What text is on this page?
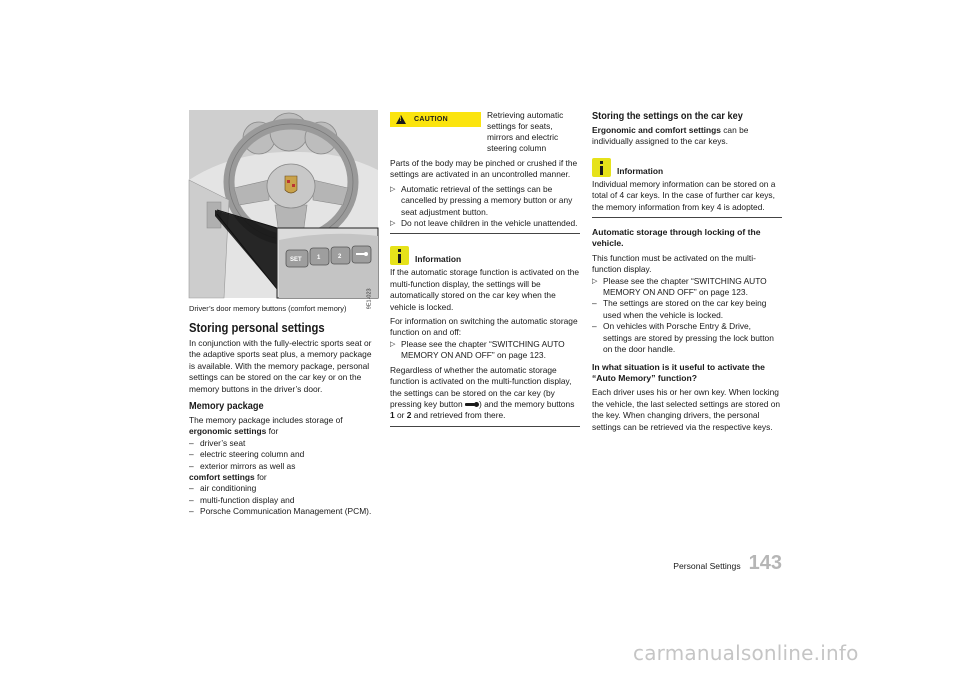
SET	1	2
9E1-023

Driver’s door memory buttons (comfort memory)

Storing personal settings

In conjunction with the fully-electric sports seat or the adaptive sports seat plus, a memory package is available. With the memory package, personal settings can be stored on the car key or on the memory buttons in the driver’s door.

Memory package
The memory package includes storage of
ergonomic settings for
– driver’s seat
– electric steering column and
– exterior mirrors as well as
comfort settings for
– air conditioning
– multi-function display and
– Porsche Communication Management (PCM).
!
CAUTION	Retrieving automatic settings for seats, mirrors and electric steering column

Parts of the body may be pinched or crushed if the settings are activated in an uncontrolled manner.

▷ Automatic retrieval of the settings can be cancelled by pressing a memory button or any seat adjustment button.
▷ Do not leave children in the vehicle unattended.
Information

If the automatic storage function is activated on the multi-function display, the settings will be automatically stored on the car key when the vehicle is locked.

For information on switching the automatic storage function on and off:
▷ Please see the chapter “SWITCHING AUTO MEMORY ON AND OFF” on page 123.

Regardless of whether the automatic storage function is activated on the multi-function display, the settings can be stored on the car key (by pressing key button ) and the memory buttons 1 or 2 and retrieved from there.

Storing the settings on the car key

Ergonomic and comfort settings can be individually assigned to the car keys.

Information

Individual memory information can be stored on a total of 4 car keys. In the case of further car keys, the memory information from key 4 is adopted.

Automatic storage through locking of the vehicle.
This function must be activated on the multi-function display.
▷ Please see the chapter “SWITCHING AUTO MEMORY ON AND OFF” on page 123.
– The settings are stored on the car key being used when the vehicle is locked.
– On vehicles with Porsche Entry & Drive, settings are stored by pressing the lock button on the door handle.
In what situation is it useful to activate the “Auto Memory” function?

Each driver uses his or her own key. When locking the vehicle, the last selected settings are stored on the key. When changing drivers, the personal settings can be retrieved via the respective keys.

Personal Settings 143
carmanualsonline.info
